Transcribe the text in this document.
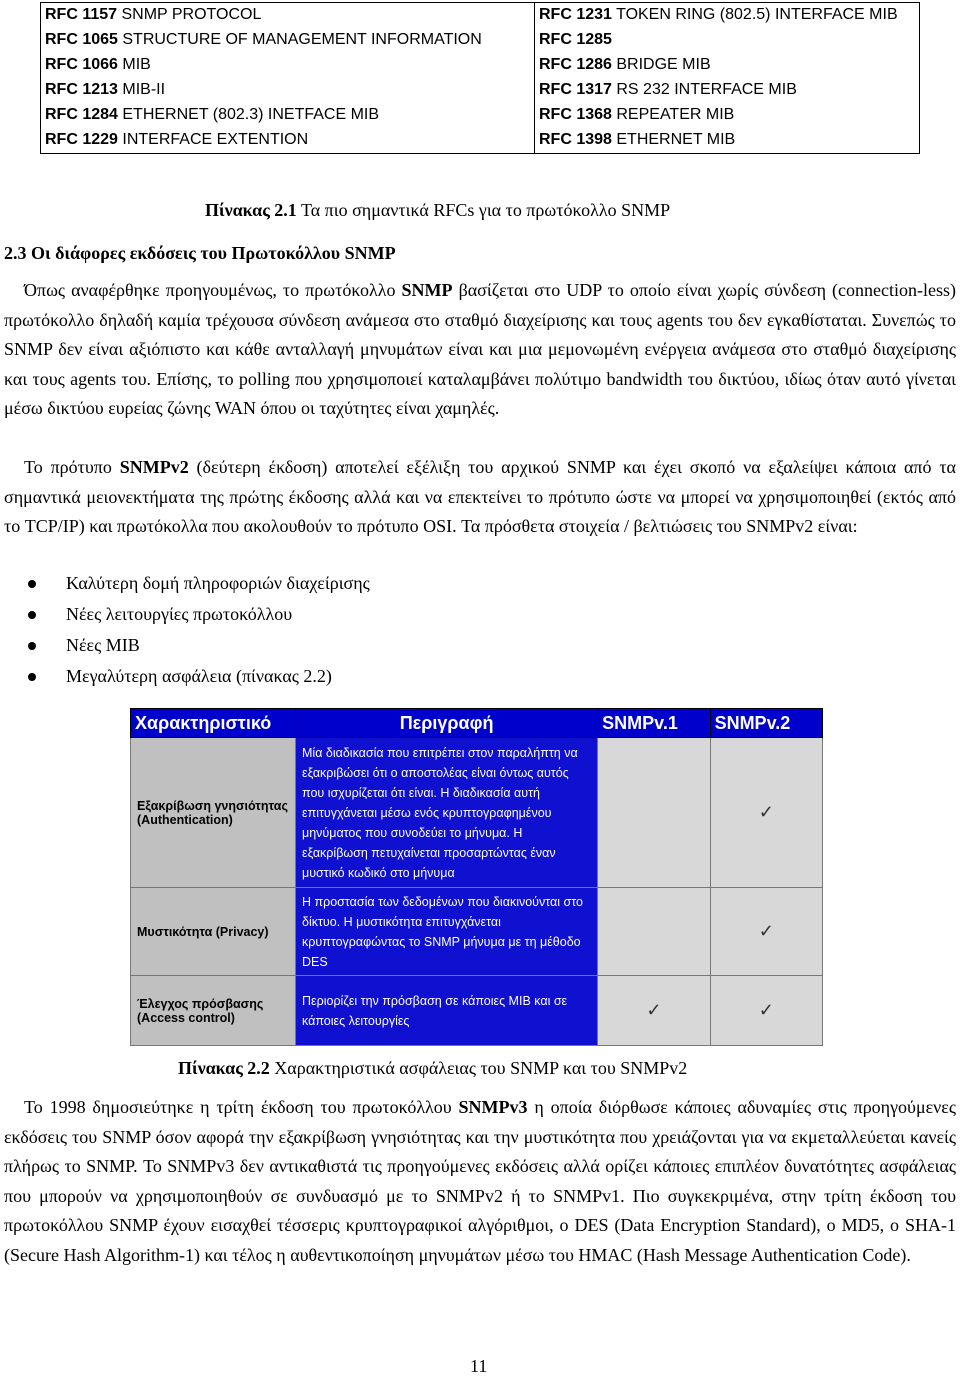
RFC 1157 SNMP PROTOCOL	RFC 1231 TOKEN RING (802.5) INTERFACE MIB
RFC 1065 STRUCTURE OF MANAGEMENT INFORMATION	RFC 1285
RFC 1066 MIB	RFC 1286 BRIDGE MIB
RFC 1213 MIB-II	RFC 1317 RS 232 INTERFACE MIB
RFC 1284 ETHERNET (802.3) INETFACE MIB	RFC 1368 REPEATER MIB
RFC 1229 INTERFACE EXTENTION	RFC 1398 ETHERNET MIB
Πίνακας 2.1 Τα πιο σημαντικά RFCs για το πρωτόκολλο SNMP
2.3 Οι διάφορες εκδόσεις του Πρωτοκόλλου SNMP
Όπως αναφέρθηκε προηγουμένως, το πρωτόκολλο SNMP βασίζεται στο UDP το οποίο είναι χωρίς σύνδεση (connection-less) πρωτόκολλο δηλαδή καμία τρέχουσα σύνδεση ανάμεσα στο σταθμό διαχείρισης και τους agents του δεν εγκαθίσταται. Συνεπώς το SNMP δεν είναι αξιόπιστο και κάθε ανταλλαγή μηνυμάτων είναι και μια μεμονωμένη ενέργεια ανάμεσα στο σταθμό διαχείρισης και τους agents του. Επίσης, το polling που χρησιμοποιεί καταλαμβάνει πολύτιμο bandwidth του δικτύου, ιδίως όταν αυτό γίνεται μέσω δικτύου ευρείας ζώνης WAN όπου οι ταχύτητες είναι χαμηλές.
Το πρότυπο SNMPv2 (δεύτερη έκδοση) αποτελεί εξέλιξη του αρχικού SNMP και έχει σκοπό να εξαλείψει κάποια από τα σημαντικά μειονεκτήματα της πρώτης έκδοσης αλλά και να επεκτείνει το πρότυπο ώστε να μπορεί να χρησιμοποιηθεί (εκτός από το TCP/IP) και πρωτόκολλα που ακολουθούν το πρότυπο OSI. Τα πρόσθετα στοιχεία / βελτιώσεις του SNMPv2 είναι:
Καλύτερη δομή πληροφοριών διαχείρισης
Νέες λειτουργίες πρωτοκόλλου
Νέες MIB
Μεγαλύτερη ασφάλεια (πίνακας 2.2)
Χαρακτηριστικό	Περιγραφή	SNMPv.1	SNMPv.2
Εξακρίβωση γνησιότητας (Authentication)	Μία διαδικασία που επιτρέπει στον παραλήπτη να εξακριβώσει ότι ο αποστολέας είναι όντως αυτός που ισχυρίζεται ότι είναι. Η διαδικασία αυτή επιτυγχάνεται μέσω ενός κρυπτογραφημένου μηνύματος που συνοδεύει το μήνυμα. Η εξακρίβωση πετυχαίνεται προσαρτώντας έναν μυστικό κωδικό στο μήνυμα		✓
Μυστικότητα (Privacy)	Η προστασία των δεδομένων που διακινούνται στο δίκτυο. Η μυστικότητα επιτυγχάνεται κρυπτογραφώντας το SNMP μήνυμα με τη μέθοδο DES		✓
Έλεγχος πρόσβασης (Access control)	Περιορίζει την πρόσβαση σε κάποιες MIB και σε κάποιες λειτουργίες	✓	✓
Πίνακας 2.2 Χαρακτηριστικά ασφάλειας του SNMP και του SNMPv2
Το 1998 δημοσιεύτηκε η τρίτη έκδοση του πρωτοκόλλου SNMPv3 η οποία διόρθωσε κάποιες αδυναμίες στις προηγούμενες εκδόσεις του SNMP όσον αφορά την εξακρίβωση γνησιότητας και την μυστικότητα που χρειάζονται για να εκμεταλλεύεται κανείς πλήρως το SNMP. Το SNMPv3 δεν αντικαθιστά τις προηγούμενες εκδόσεις αλλά ορίζει κάποιες επιπλέον δυνατότητες ασφάλειας που μπορούν να χρησιμοποιηθούν σε συνδυασμό με το SNMPv2 ή το SNMPv1. Πιο συγκεκριμένα, στην τρίτη έκδοση του πρωτοκόλλου SNMP έχουν εισαχθεί τέσσερις κρυπτογραφικοί αλγόριθμοι, ο DES (Data Encryption Standard), ο MD5, ο SHA-1 (Secure Hash Algorithm-1) και τέλος η αυθεντικοποίηση μηνυμάτων μέσω του HMAC (Hash Message Authentication Code).
11
